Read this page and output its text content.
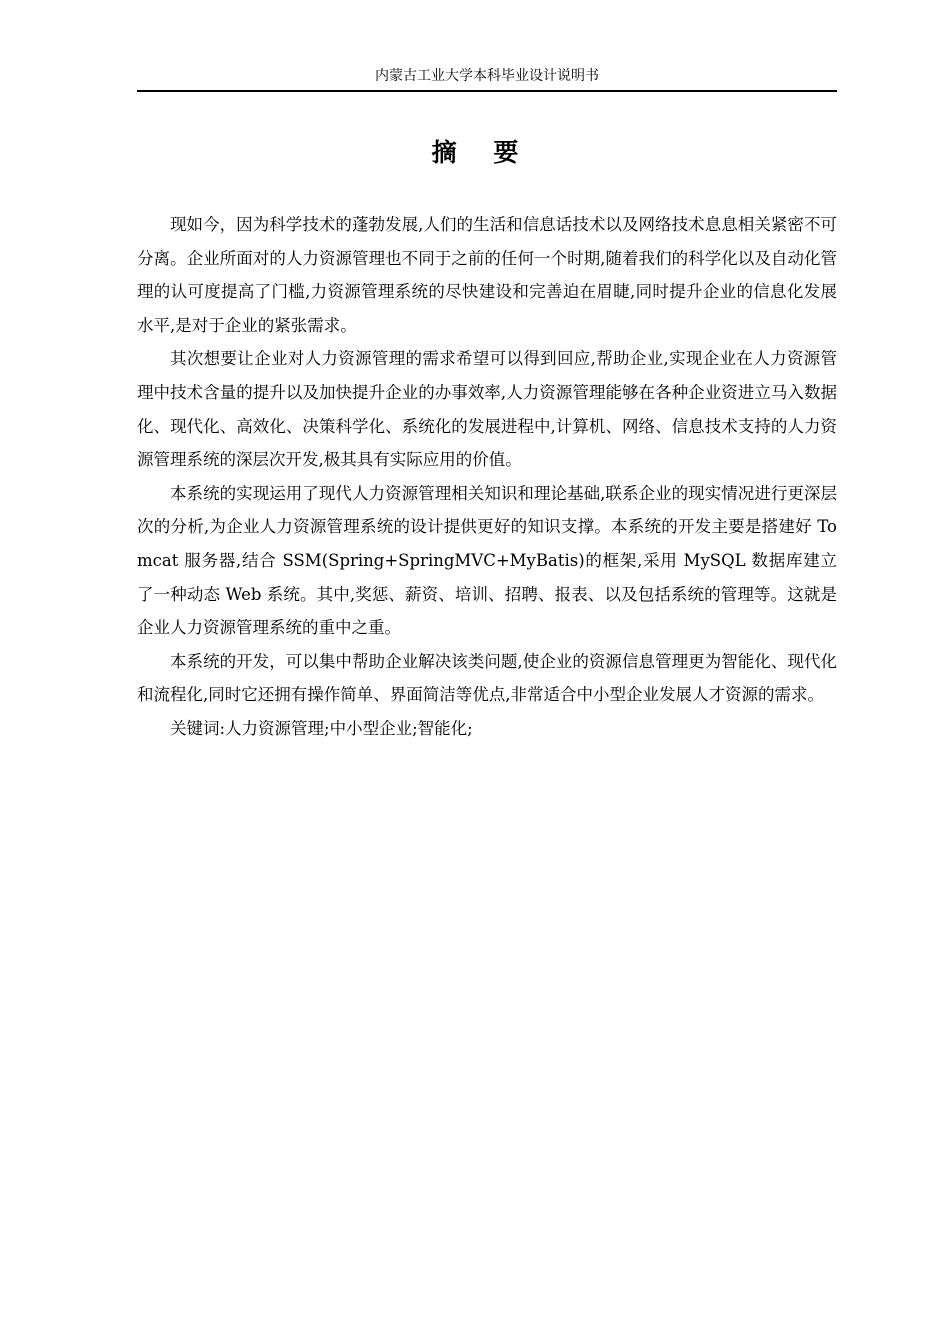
内蒙古工业大学本科毕业设计说明书
摘 要

现如今，因为科学技术的蓬勃发展,人们的生活和信息话技术以及网络技术息息相关紧密不可分离。企业所面对的人力资源管理也不同于之前的任何一个时期,随着我们的科学化以及自动化管理的认可度提高了门槛,力资源管理系统的尽快建设和完善迫在眉睫,同时提升企业的信息化发展水平,是对于企业的紧张需求。

其次想要让企业对人力资源管理的需求希望可以得到回应,帮助企业,实现企业在人力资源管理中技术含量的提升以及加快提升企业的办事效率,人力资源管理能够在各种企业资进立马入数据化、现代化、高效化、决策科学化、系统化的发展进程中,计算机、网络、信息技术支持的人力资源管理系统的深层次开发,极其具有实际应用的价值。

本系统的实现运用了现代人力资源管理相关知识和理论基础,联系企业的现实情况进行更深层次的分析,为企业人力资源管理系统的设计提供更好的知识支撑。本系统的开发主要是搭建好 Tomcat 服务器,结合 SSM(Spring+SpringMVC+MyBatis)的框架,采用 MySQL 数据库建立了一种动态 Web 系统。其中,奖惩、薪资、培训、招聘、报表、以及包括系统的管理等。这就是企业人力资源管理系统的重中之重。

本系统的开发，可以集中帮助企业解决该类问题,使企业的资源信息管理更为智能化、现代化和流程化,同时它还拥有操作简单、界面简洁等优点,非常适合中小型企业发展人才资源的需求。

关键词:人力资源管理;中小型企业;智能化;
